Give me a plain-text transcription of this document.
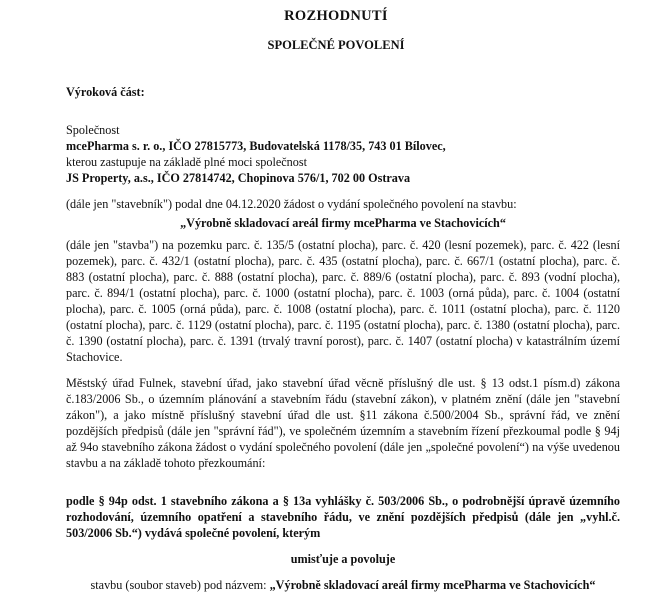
ROZHODNUTÍ
SPOLEČNÉ POVOLENÍ

Výroková část:

Společnost

mcePharma s. r. o., IČO 27815773, Budovatelská 1178/35, 743 01 Bílovec,

kterou zastupuje na základě plné moci společnost

JS Property, a.s., IČO 27814742, Chopinova 576/1, 702 00 Ostrava

(dále jen "stavebník") podal dne 04.12.2020 žádost o vydání společného povolení na stavbu:

„Výrobně skladovací areál firmy mcePharma ve Stachovicích“

(dále jen "stavba") na pozemku parc. č. 135/5 (ostatní plocha), parc. č. 420 (lesní pozemek), parc. č. 422 (lesní pozemek), parc. č. 432/1 (ostatní plocha), parc. č. 435 (ostatní plocha), parc. č. 667/1 (ostatní plocha), parc. č. 883 (ostatní plocha), parc. č. 888 (ostatní plocha), parc. č. 889/6 (ostatní plocha), parc. č. 893 (vodní plocha), parc. č. 894/1 (ostatní plocha), parc. č. 1000 (ostatní plocha), parc. č. 1003 (orná půda), parc. č. 1004 (ostatní plocha), parc. č. 1005 (orná půda), parc. č. 1008 (ostatní plocha), parc. č. 1011 (ostatní plocha), parc. č. 1120 (ostatní plocha), parc. č. 1129 (ostatní plocha), parc. č. 1195 (ostatní plocha), parc. č. 1380 (ostatní plocha), parc. č. 1390 (ostatní plocha), parc. č. 1391 (trvalý travní porost), parc. č. 1407 (ostatní plocha) v katastrálním území Stachovice.

Městský úřad Fulnek, stavební úřad, jako stavební úřad věcně příslušný dle ust. § 13 odst.1 písm.d) zákona č.183/2006 Sb., o územním plánování a stavebním řádu (stavební zákon), v platném znění (dále jen "stavební zákon"), a jako místně příslušný stavební úřad dle ust. §11 zákona č.500/2004 Sb., správní řád, ve znění pozdějších předpisů (dále jen "správní řád"), ve společném územním a stavebním řízení přezkoumal podle § 94j až 94o stavebního zákona žádost o vydání společného povolení (dále jen „společné povolení“) na výše uvedenou stavbu a na základě tohoto přezkoumání:

podle § 94p odst. 1 stavebního zákona a § 13a vyhlášky č. 503/2006 Sb., o podrobnější úpravě územního rozhodování, územního opatření a stavebního řádu, ve znění pozdějších předpisů (dále jen „vyhl.č. 503/2006 Sb.“) vydává společné povolení, kterým

umisťuje a povoluje

stavbu (soubor staveb) pod názvem: „Výrobně skladovací areál firmy mcePharma ve Stachovicích“
